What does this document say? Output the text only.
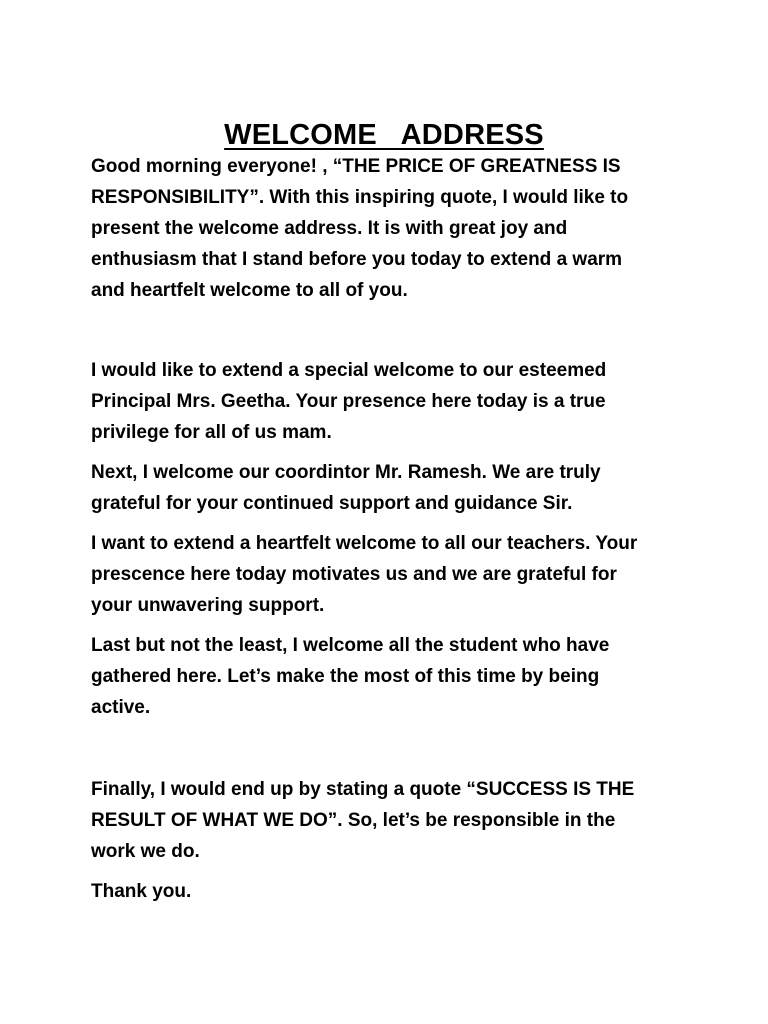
WELCOME   ADDRESS

Good morning everyone! , “THE PRICE OF GREATNESS IS
RESPONSIBILITY”. With this inspiring quote, I would like to
present the welcome address. It is with great joy and
enthusiasm that I stand before you today to extend a warm
and heartfelt welcome to all of you.

I would like to extend a special welcome to our esteemed
Principal Mrs. Geetha. Your presence here today is a true
privilege for all of us mam.

Next, I welcome our coordintor Mr. Ramesh. We are truly
grateful for your continued support and guidance Sir.

I want to extend a heartfelt welcome to all our teachers. Your
prescence here today motivates us and we are grateful for
your unwavering support.

Last but not the least, I welcome all the student who have
gathered here. Let’s make the most of this time by being
active.

Finally, I would end up by stating a quote “SUCCESS IS THE
RESULT OF WHAT WE DO”. So, let’s be responsible in the
work we do.

Thank you.
